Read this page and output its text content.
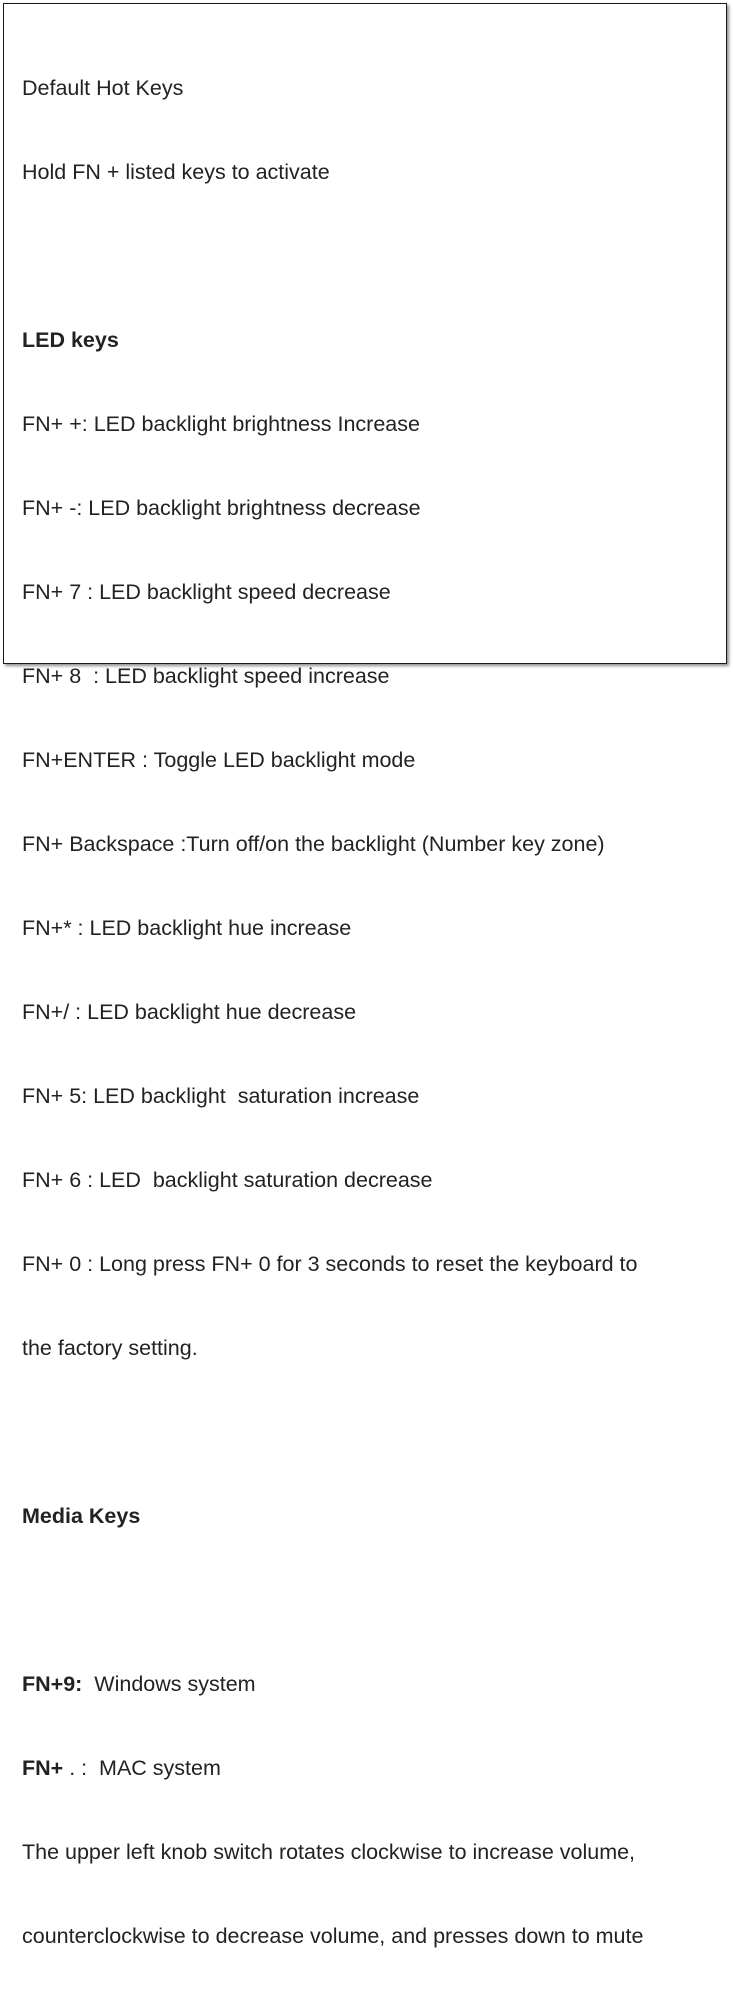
Default Hot Keys

Hold FN + listed keys to activate

LED keys

FN+ +: LED backlight brightness Increase

FN+ -: LED backlight brightness decrease

FN+ 7 : LED backlight speed decrease

FN+ 8  : LED backlight speed increase

FN+ENTER : Toggle LED backlight mode

FN+ Backspace :Turn off/on the backlight (Number key zone)

FN+* : LED backlight hue increase

FN+/ : LED backlight hue decrease

FN+ 5: LED backlight  saturation increase

FN+ 6 : LED  backlight saturation decrease

FN+ 0 : Long press FN+ 0 for 3 seconds to reset the keyboard to

the factory setting.

Media Keys

FN+9:  Windows system

FN+ . :  MAC system

The upper left knob switch rotates clockwise to increase volume,

counterclockwise to decrease volume, and presses down to mute
